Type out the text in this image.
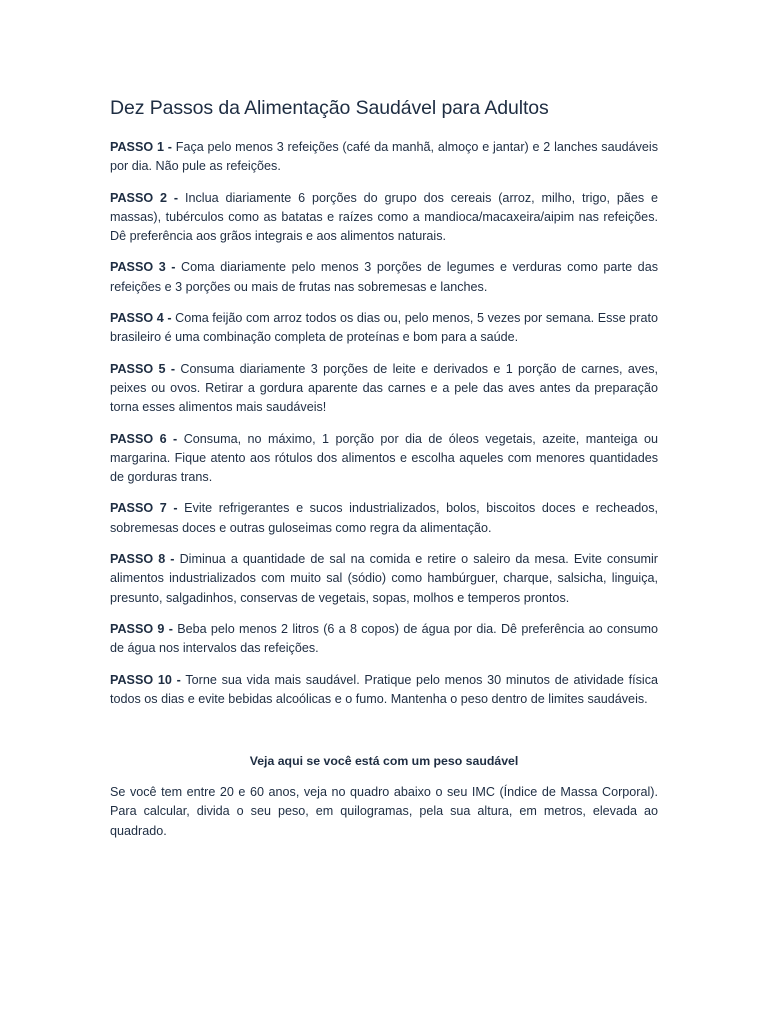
Dez Passos da Alimentação Saudável para Adultos

PASSO 1 - Faça pelo menos 3 refeições (café da manhã, almoço e jantar) e 2 lanches saudáveis por dia. Não pule as refeições.

PASSO 2 - Inclua diariamente 6 porções do grupo dos cereais (arroz, milho, trigo, pães e massas), tubérculos como as batatas e raízes como a mandioca/macaxeira/aipim nas refeições. Dê preferência aos grãos integrais e aos alimentos naturais.

PASSO 3 - Coma diariamente pelo menos 3 porções de legumes e verduras como parte das refeições e 3 porções ou mais de frutas nas sobremesas e lanches.

PASSO 4 - Coma feijão com arroz todos os dias ou, pelo menos, 5 vezes por semana. Esse prato brasileiro é uma combinação completa de proteínas e bom para a saúde.

PASSO 5 - Consuma diariamente 3 porções de leite e derivados e 1 porção de carnes, aves, peixes ou ovos. Retirar a gordura aparente das carnes e a pele das aves antes da preparação torna esses alimentos mais saudáveis!

PASSO 6 - Consuma, no máximo, 1 porção por dia de óleos vegetais, azeite, manteiga ou margarina. Fique atento aos rótulos dos alimentos e escolha aqueles com menores quantidades de gorduras trans.

PASSO 7 - Evite refrigerantes e sucos industrializados, bolos, biscoitos doces e recheados, sobremesas doces e outras guloseimas como regra da alimentação.

PASSO 8 - Diminua a quantidade de sal na comida e retire o saleiro da mesa. Evite consumir alimentos industrializados com muito sal (sódio) como hambúrguer, charque, salsicha, linguiça, presunto, salgadinhos, conservas de vegetais, sopas, molhos e temperos prontos.

PASSO 9 - Beba pelo menos 2 litros (6 a 8 copos) de água por dia. Dê preferência ao consumo de água nos intervalos das refeições.

PASSO 10 - Torne sua vida mais saudável. Pratique pelo menos 30 minutos de atividade física todos os dias e evite bebidas alcoólicas e o fumo. Mantenha o peso dentro de limites saudáveis.

Veja aqui se você está com um peso saudável

Se você tem entre 20 e 60 anos, veja no quadro abaixo o seu IMC (Índice de Massa Corporal). Para calcular, divida o seu peso, em quilogramas, pela sua altura, em metros, elevada ao quadrado.
